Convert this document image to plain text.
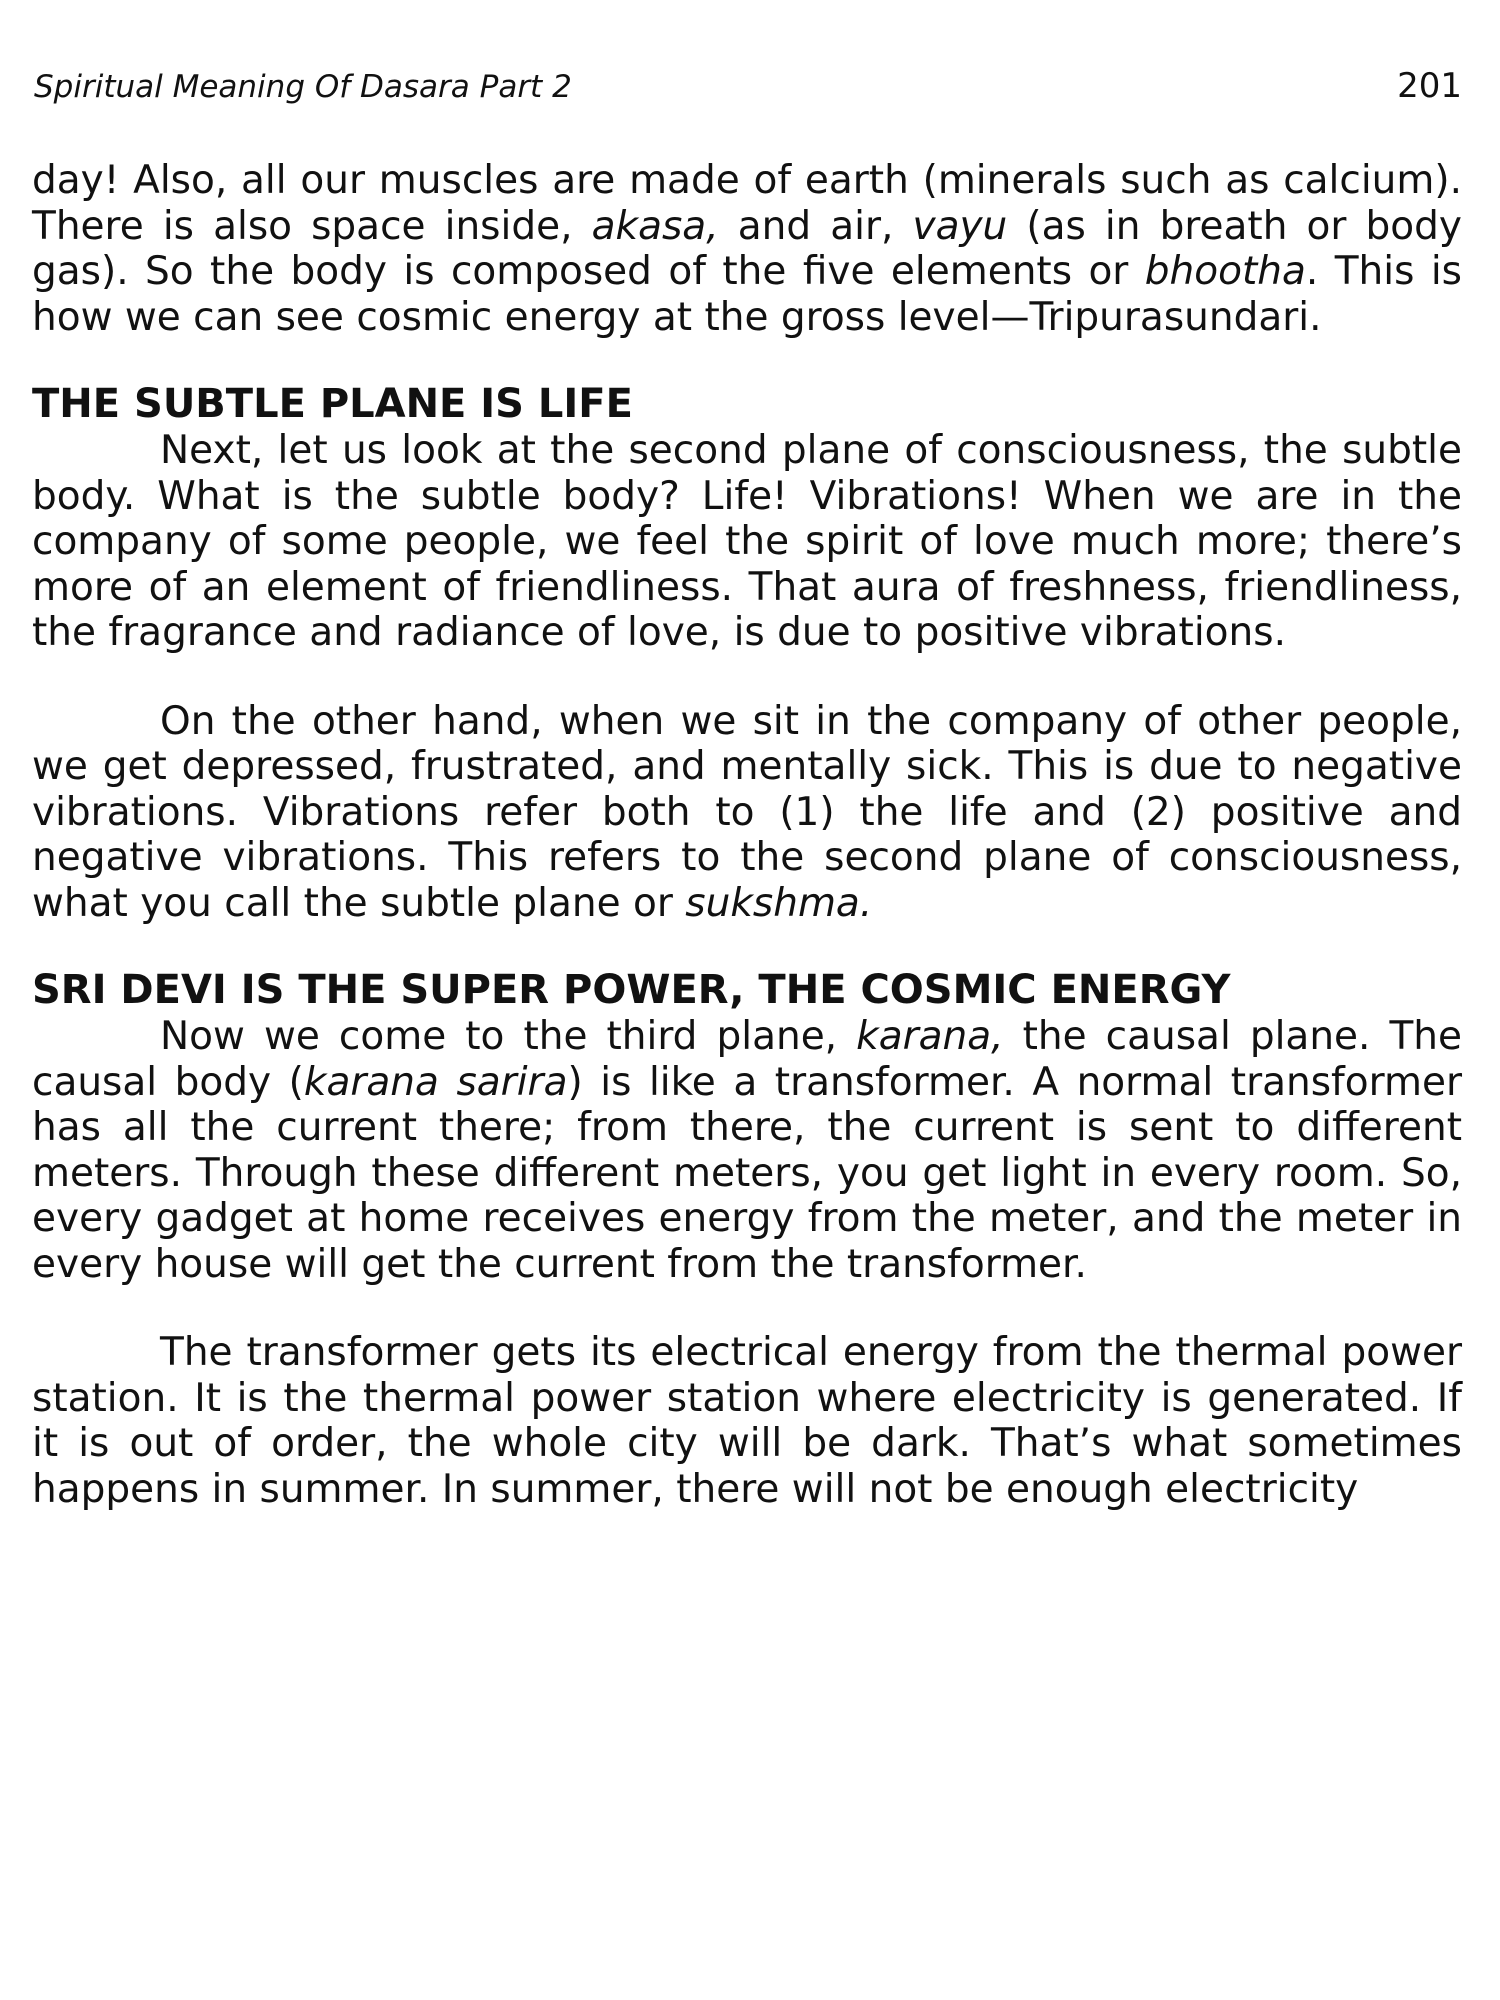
Spiritual Meaning Of Dasara Part 2	201

day! Also, all our muscles are made of earth (minerals such as calcium). There is also space inside, akasa, and air, vayu (as in breath or body gas). So the body is composed of the five elements or bhootha. This is how we can see cosmic energy at the gross level—Tripurasundari.

THE SUBTLE PLANE IS LIFE

Next, let us look at the second plane of consciousness, the subtle body. What is the subtle body? Life! Vibrations! When we are in the company of some people, we feel the spirit of love much more; there’s more of an element of friendliness. That aura of freshness, friendliness, the fragrance and radiance of love, is due to positive vibrations.

On the other hand, when we sit in the company of other people, we get depressed, frustrated, and mentally sick. This is due to negative vibrations. Vibrations refer both to (1) the life and (2) positive and negative vibrations. This refers to the second plane of consciousness, what you call the subtle plane or sukshma.

SRI DEVI IS THE SUPER POWER, THE COSMIC ENERGY

Now we come to the third plane, karana, the causal plane. The causal body (karana sarira) is like a transformer. A normal transformer has all the current there; from there, the current is sent to different meters. Through these different meters, you get light in every room. So, every gadget at home receives energy from the meter, and the meter in every house will get the current from the transformer.

The transformer gets its electrical energy from the thermal power station. It is the thermal power station where electricity is generated. If it is out of order, the whole city will be dark. That’s what sometimes happens in summer. In summer, there will not be enough electricity
